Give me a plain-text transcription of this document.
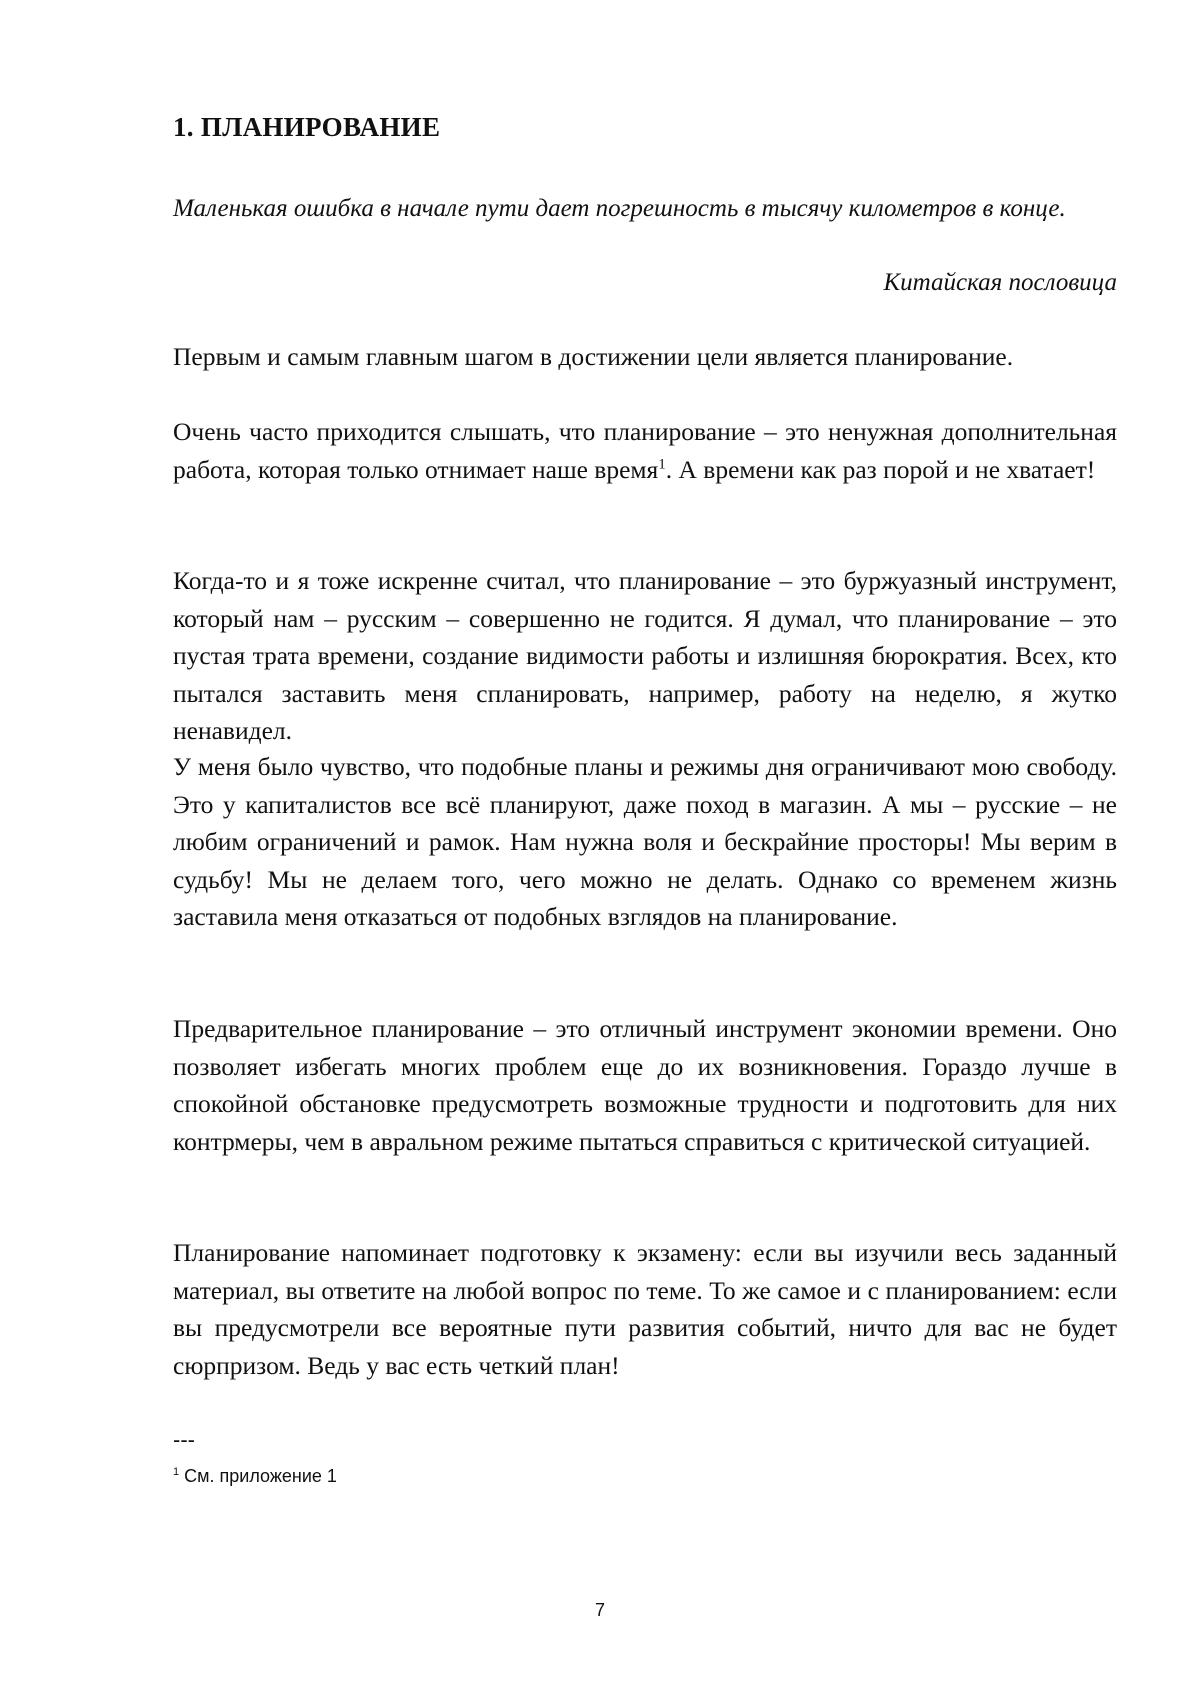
1. ПЛАНИРОВАНИЕ

Маленькая ошибка в начале пути дает погрешность в тысячу километров в конце.

Китайская пословица

Первым и самым главным шагом в достижении цели является планирование.

Очень часто приходится слышать, что планирование – это ненужная дополнительная работа, которая только отнимает наше время$^1$. А времени как раз порой и не хватает!

Когда-то и я тоже искренне считал, что планирование – это буржуазный инструмент, который нам – русским – совершенно не годится. Я думал, что планирование – это пустая трата времени, создание видимости работы и излишняя бюрократия. Всех, кто пытался заставить меня спланировать, например, работу на неделю, я жутко ненавидел.

У меня было чувство, что подобные планы и режимы дня ограничивают мою свободу. Это у капиталистов все всё планируют, даже поход в магазин. А мы – русские – не любим ограничений и рамок. Нам нужна воля и бескрайние просторы! Мы верим в судьбу! Мы не делаем того, чего можно не делать. Однако со временем жизнь заставила меня отказаться от подобных взглядов на планирование.

Предварительное планирование – это отличный инструмент экономии времени. Оно позволяет избегать многих проблем еще до их возникновения. Гораздо лучше в спокойной обстановке предусмотреть возможные трудности и подготовить для них контрмеры, чем в авральном режиме пытаться справиться с критической ситуацией.

Планирование напоминает подготовку к экзамену: если вы изучили весь заданный материал, вы ответите на любой вопрос по теме. То же самое и с планированием: если вы предусмотрели все вероятные пути развития событий, ничто для вас не будет сюрпризом. Ведь у вас есть четкий план!

---

$^1$ См. приложение 1

7
